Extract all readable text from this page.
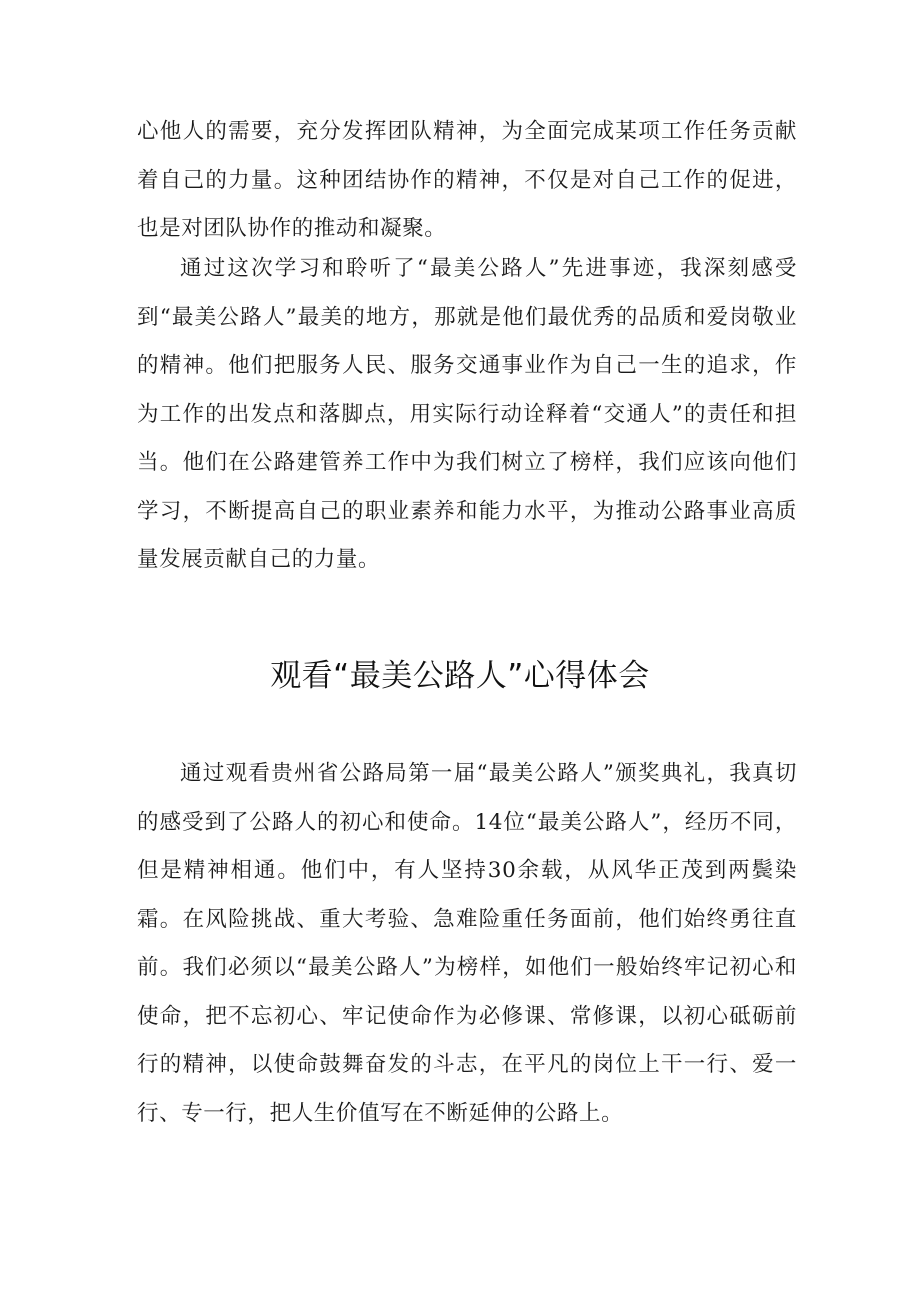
心他人的需要，充分发挥团队精神，为全面完成某项工作任务贡献着自己的力量。这种团结协作的精神，不仅是对自己工作的促进，也是对团队协作的推动和凝聚。

通过这次学习和聆听了“最美公路人”先进事迹，我深刻感受到“最美公路人”最美的地方，那就是他们最优秀的品质和爱岗敬业的精神。他们把服务人民、服务交通事业作为自己一生的追求，作为工作的出发点和落脚点，用实际行动诠释着“交通人”的责任和担当。他们在公路建管养工作中为我们树立了榜样，我们应该向他们学习，不断提高自己的职业素养和能力水平，为推动公路事业高质量发展贡献自己的力量。

观看“最美公路人”心得体会

通过观看贵州省公路局第一届“最美公路人”颁奖典礼，我真切的感受到了公路人的初心和使命。14位“最美公路人”，经历不同，但是精神相通。他们中，有人坚持30余载，从风华正茂到两鬓染霜。在风险挑战、重大考验、急难险重任务面前，他们始终勇往直前。我们必须以“最美公路人”为榜样，如他们一般始终牢记初心和使命，把不忘初心、牢记使命作为必修课、常修课，以初心砥砺前行的精神，以使命鼓舞奋发的斗志，在平凡的岗位上干一行、爱一行、专一行，把人生价值写在不断延伸的公路上。
